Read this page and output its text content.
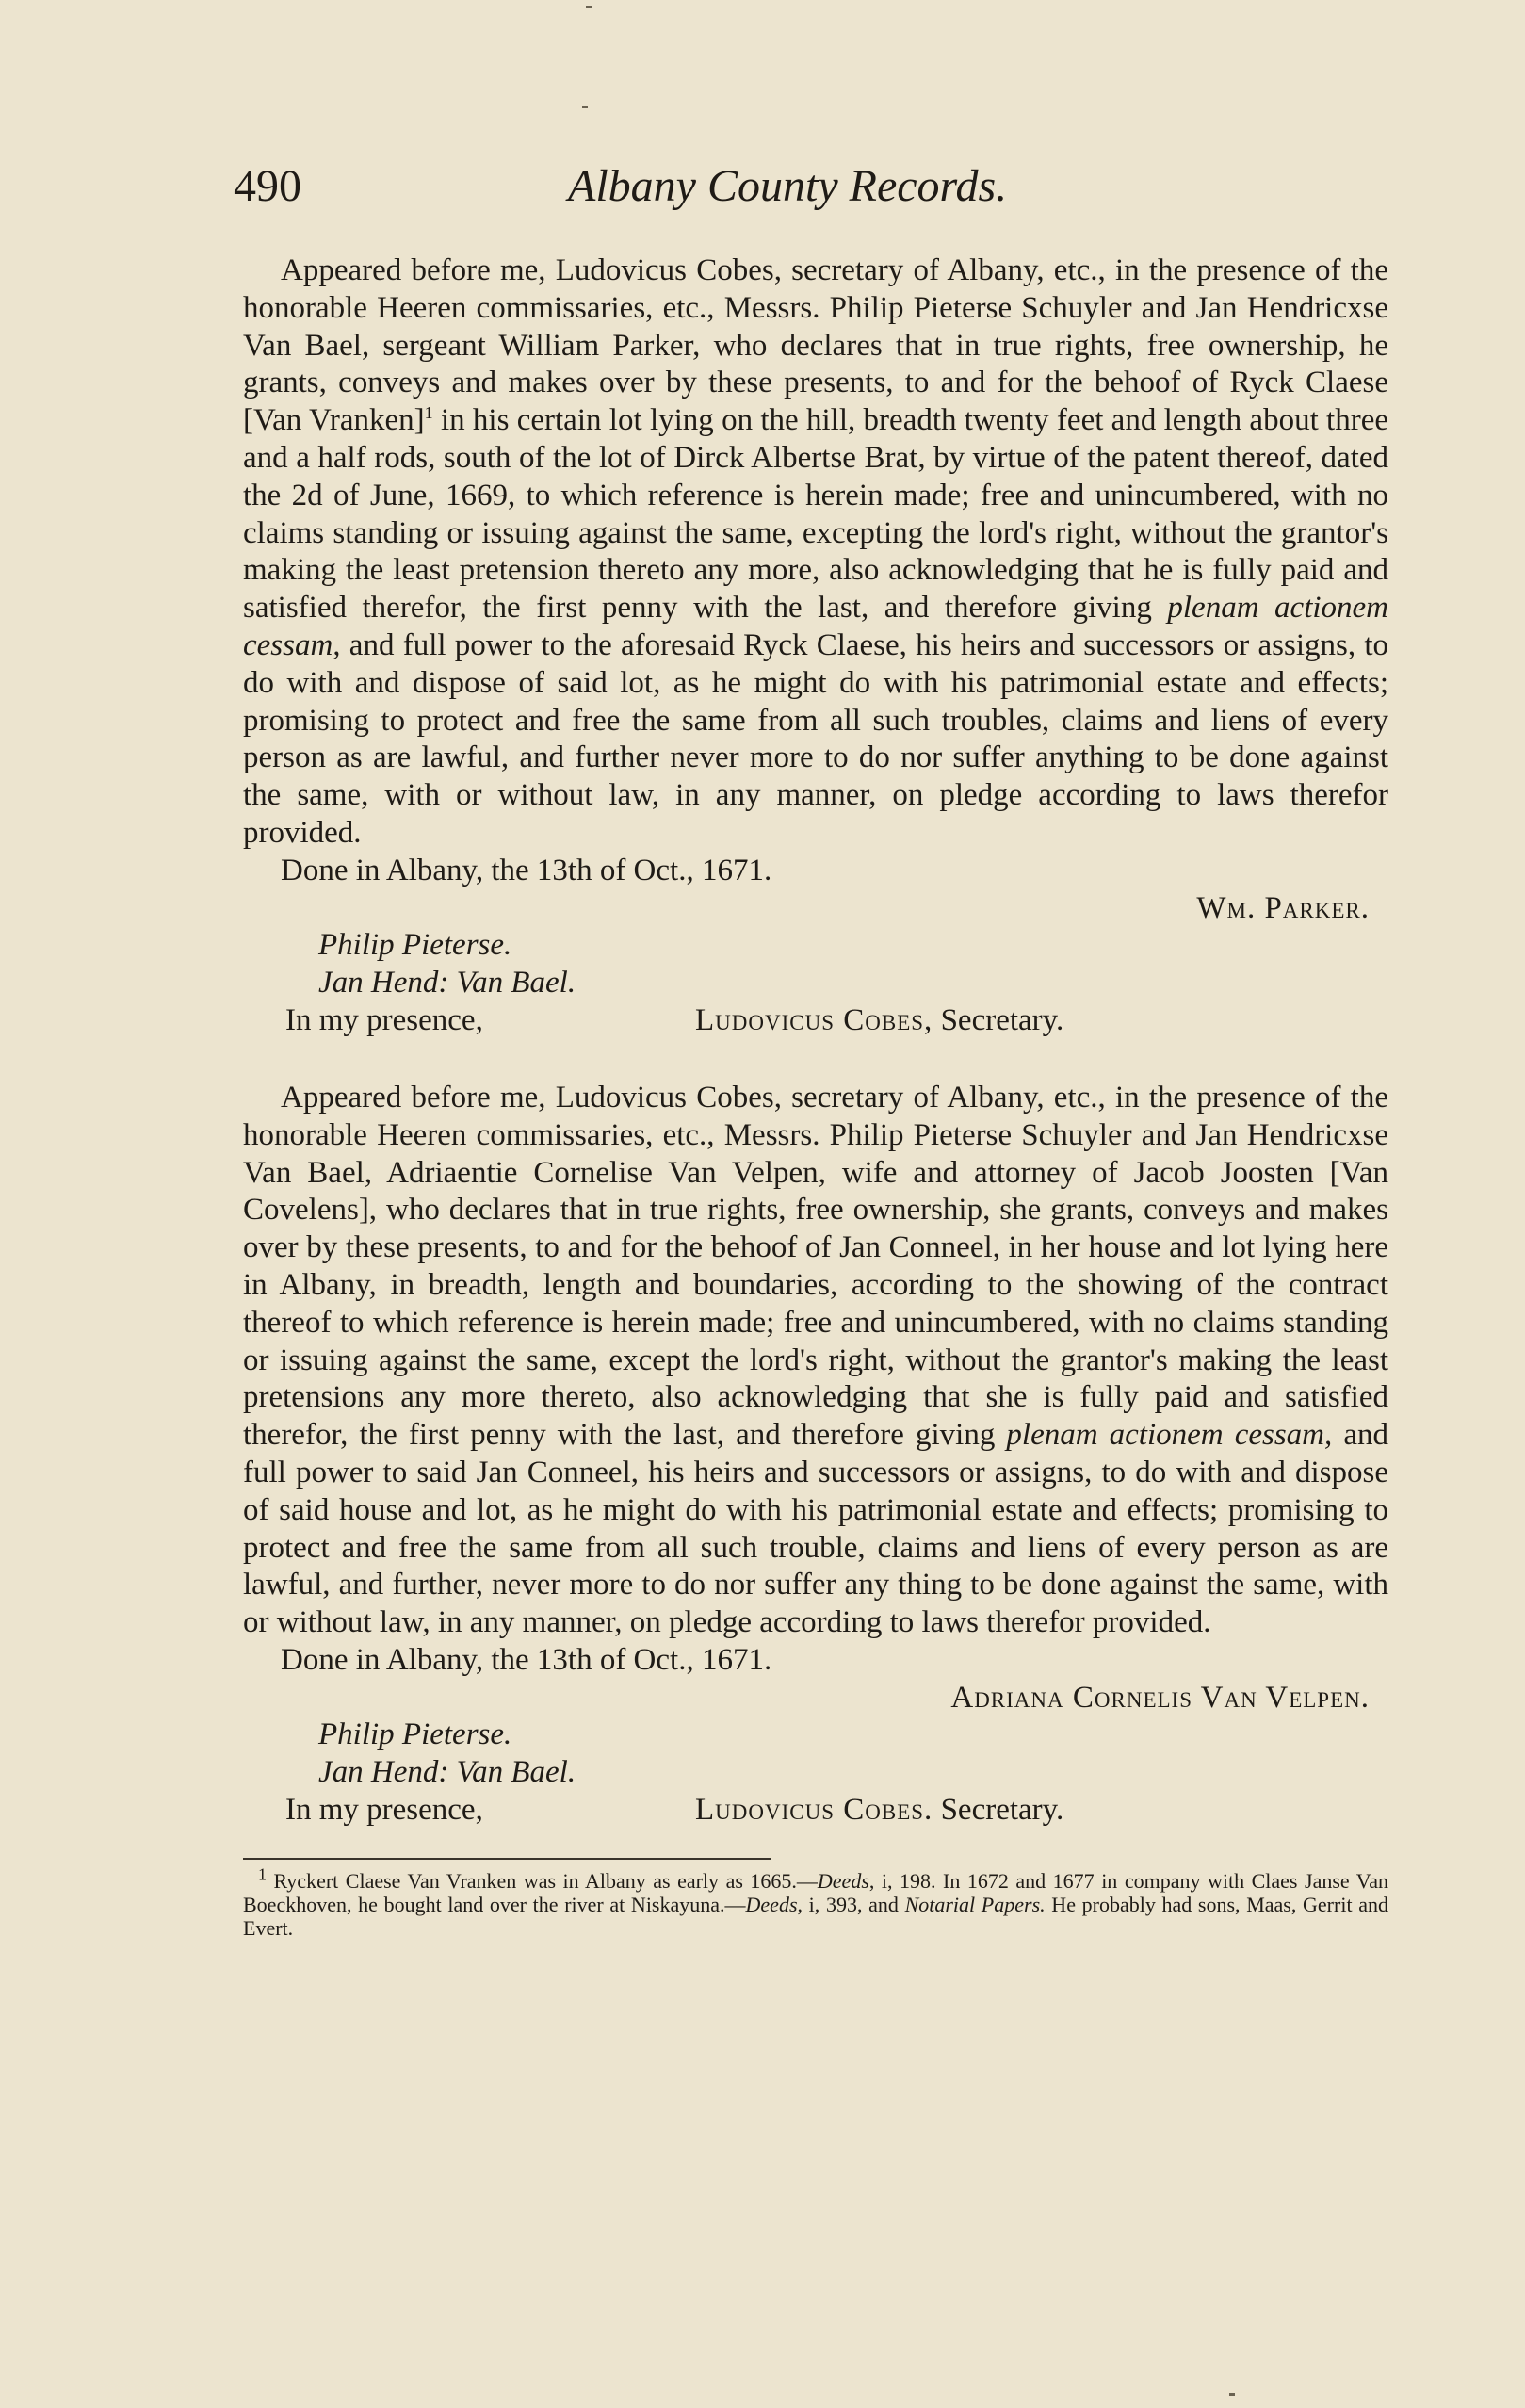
490	Albany County Records.

Appeared before me, Ludovicus Cobes, secretary of Albany, etc., in the presence of the honorable Heeren commissaries, etc., Messrs. Philip Pieterse Schuyler and Jan Hendricxse Van Bael, sergeant William Parker, who declares that in true rights, free ownership, he grants, conveys and makes over by these presents, to and for the behoof of Ryck Claese [Van Vranken]$^1$ in his certain lot lying on the hill, breadth twenty feet and length about three and a half rods, south of the lot of Dirck Albertse Brat, by virtue of the patent thereof, dated the 2d of June, 1669, to which reference is herein made; free and unincumbered, with no claims standing or issuing against the same, excepting the lord's right, without the grantor's making the least pretension thereto any more, also acknowledging that he is fully paid and satisfied therefor, the first penny with the last, and therefore giving plenam actionem cessam, and full power to the aforesaid Ryck Claese, his heirs and successors or assigns, to do with and dispose of said lot, as he might do with his patrimonial estate and effects; promising to protect and free the same from all such troubles, claims and liens of every person as are lawful, and further never more to do nor suffer anything to be done against the same, with or without law, in any manner, on pledge according to laws therefor provided.

Done in Albany, the 13th of Oct., 1671.

Wm. Parker.

Philip Pieterse.

Jan Hend: Van Bael.

In my presence,	Ludovicus Cobes, Secretary.

Appeared before me, Ludovicus Cobes, secretary of Albany, etc., in the presence of the honorable Heeren commissaries, etc., Messrs. Philip Pieterse Schuyler and Jan Hendricxse Van Bael, Adriaentie Cornelise Van Velpen, wife and attorney of Jacob Joosten [Van Covelens], who declares that in true rights, free ownership, she grants, conveys and makes over by these presents, to and for the behoof of Jan Conneel, in her house and lot lying here in Albany, in breadth, length and boundaries, according to the showing of the contract thereof to which reference is herein made; free and unincumbered, with no claims standing or issuing against the same, except the lord's right, without the grantor's making the least pretensions any more thereto, also acknowledging that she is fully paid and satisfied therefor, the first penny with the last, and therefore giving plenam actionem cessam, and full power to said Jan Conneel, his heirs and successors or assigns, to do with and dispose of said house and lot, as he might do with his patrimonial estate and effects; promising to protect and free the same from all such trouble, claims and liens of every person as are lawful, and further, never more to do nor suffer any thing to be done against the same, with or without law, in any manner, on pledge according to laws therefor provided.

Done in Albany, the 13th of Oct., 1671.

Adriana Cornelis Van Velpen.

Philip Pieterse.

Jan Hend: Van Bael.

In my presence,	Ludovicus Cobes. Secretary.

$^1$ Ryckert Claese Van Vranken was in Albany as early as 1665.—Deeds, i, 198. In 1672 and 1677 in company with Claes Janse Van Boeckhoven, he bought land over the river at Niskayuna.—Deeds, i, 393, and Notarial Papers. He probably had sons, Maas, Gerrit and Evert.
